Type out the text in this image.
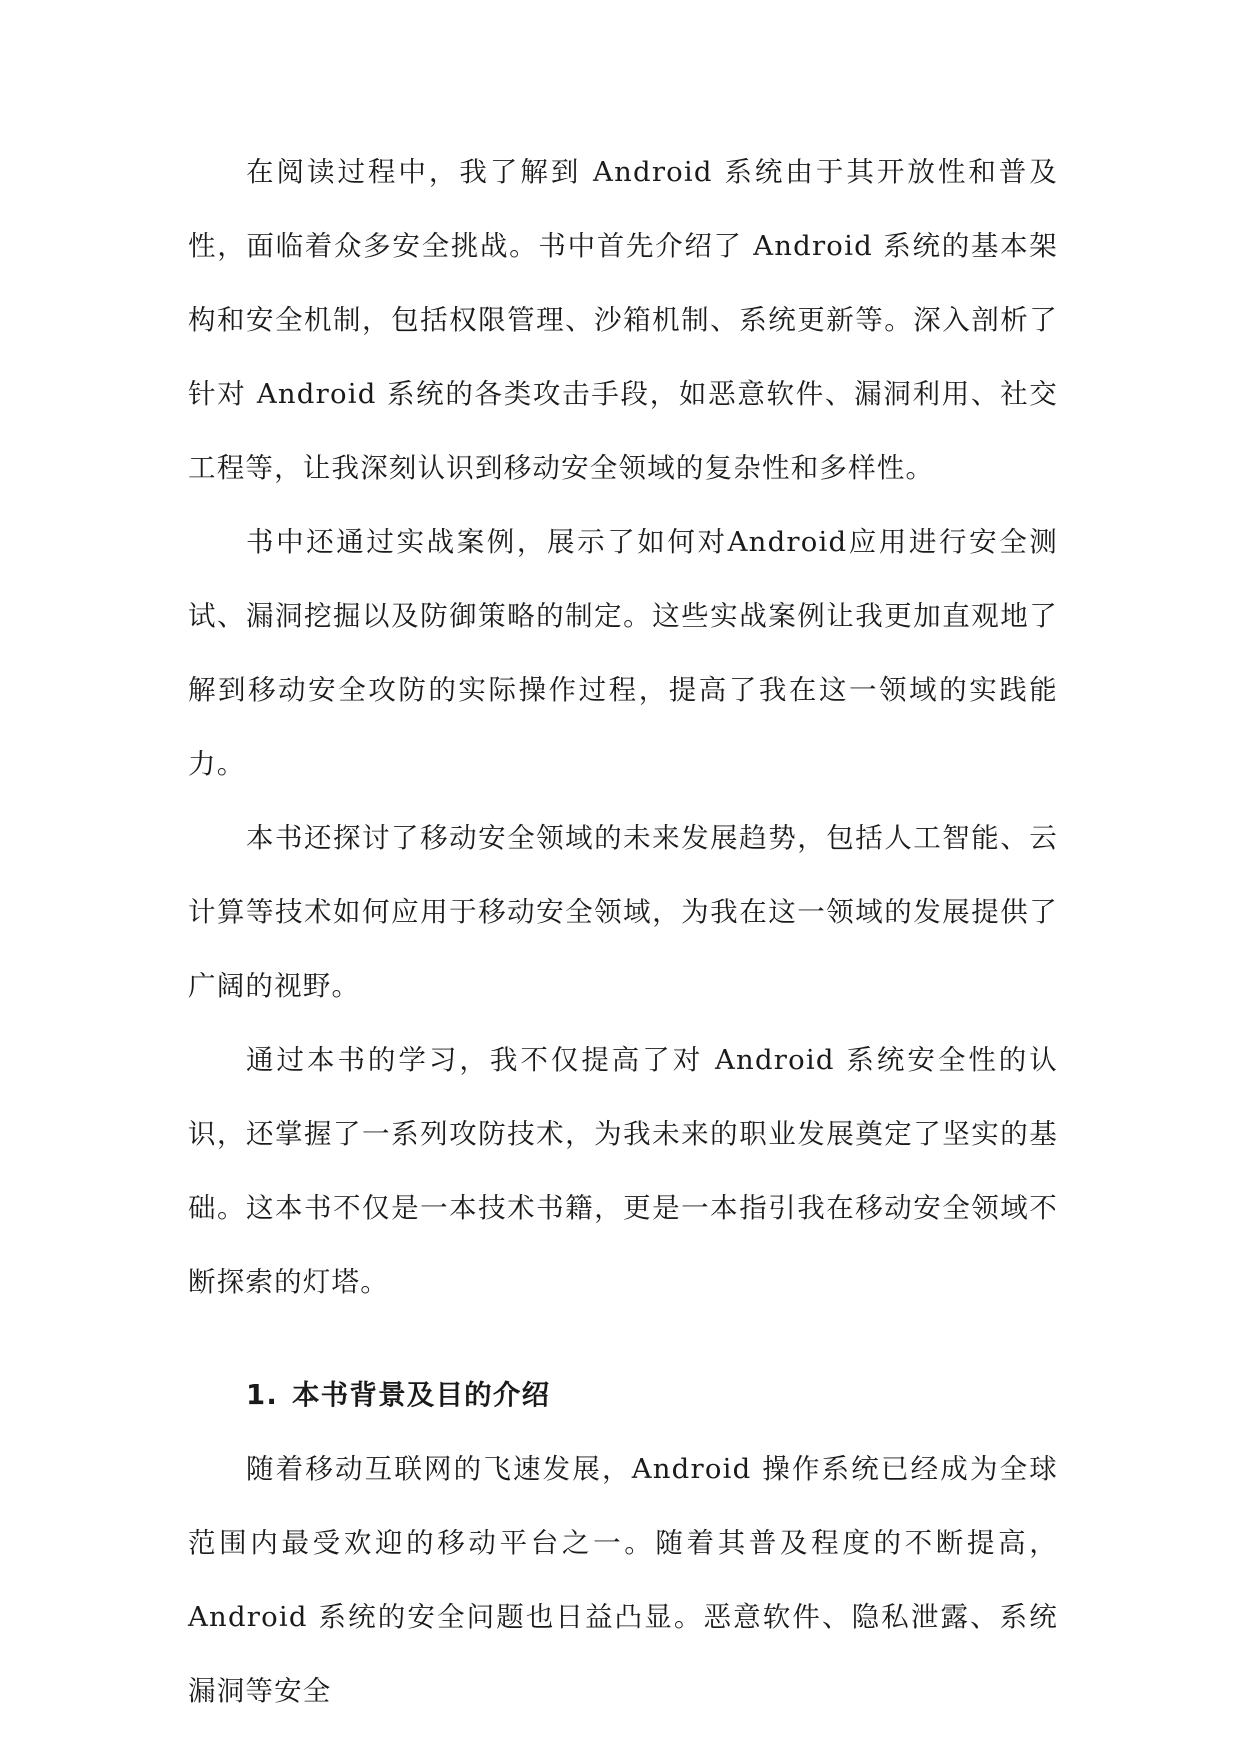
在阅读过程中，我了解到 Android 系统由于其开放性和普及性，面临着众多安全挑战。书中首先介绍了 Android 系统的基本架构和安全机制，包括权限管理、沙箱机制、系统更新等。深入剖析了针对 Android 系统的各类攻击手段，如恶意软件、漏洞利用、社交工程等，让我深刻认识到移动安全领域的复杂性和多样性。

书中还通过实战案例，展示了如何对Android应用进行安全测试、漏洞挖掘以及防御策略的制定。这些实战案例让我更加直观地了解到移动安全攻防的实际操作过程，提高了我在这一领域的实践能力。

本书还探讨了移动安全领域的未来发展趋势，包括人工智能、云计算等技术如何应用于移动安全领域，为我在这一领域的发展提供了广阔的视野。

通过本书的学习，我不仅提高了对 Android 系统安全性的认识，还掌握了一系列攻防技术，为我未来的职业发展奠定了坚实的基础。这本书不仅是一本技术书籍，更是一本指引我在移动安全领域不断探索的灯塔。

1. 本书背景及目的介绍

随着移动互联网的飞速发展，Android 操作系统已经成为全球范围内最受欢迎的移动平台之一。随着其普及程度的不断提高，Android 系统的安全问题也日益凸显。恶意软件、隐私泄露、系统漏洞等安全
